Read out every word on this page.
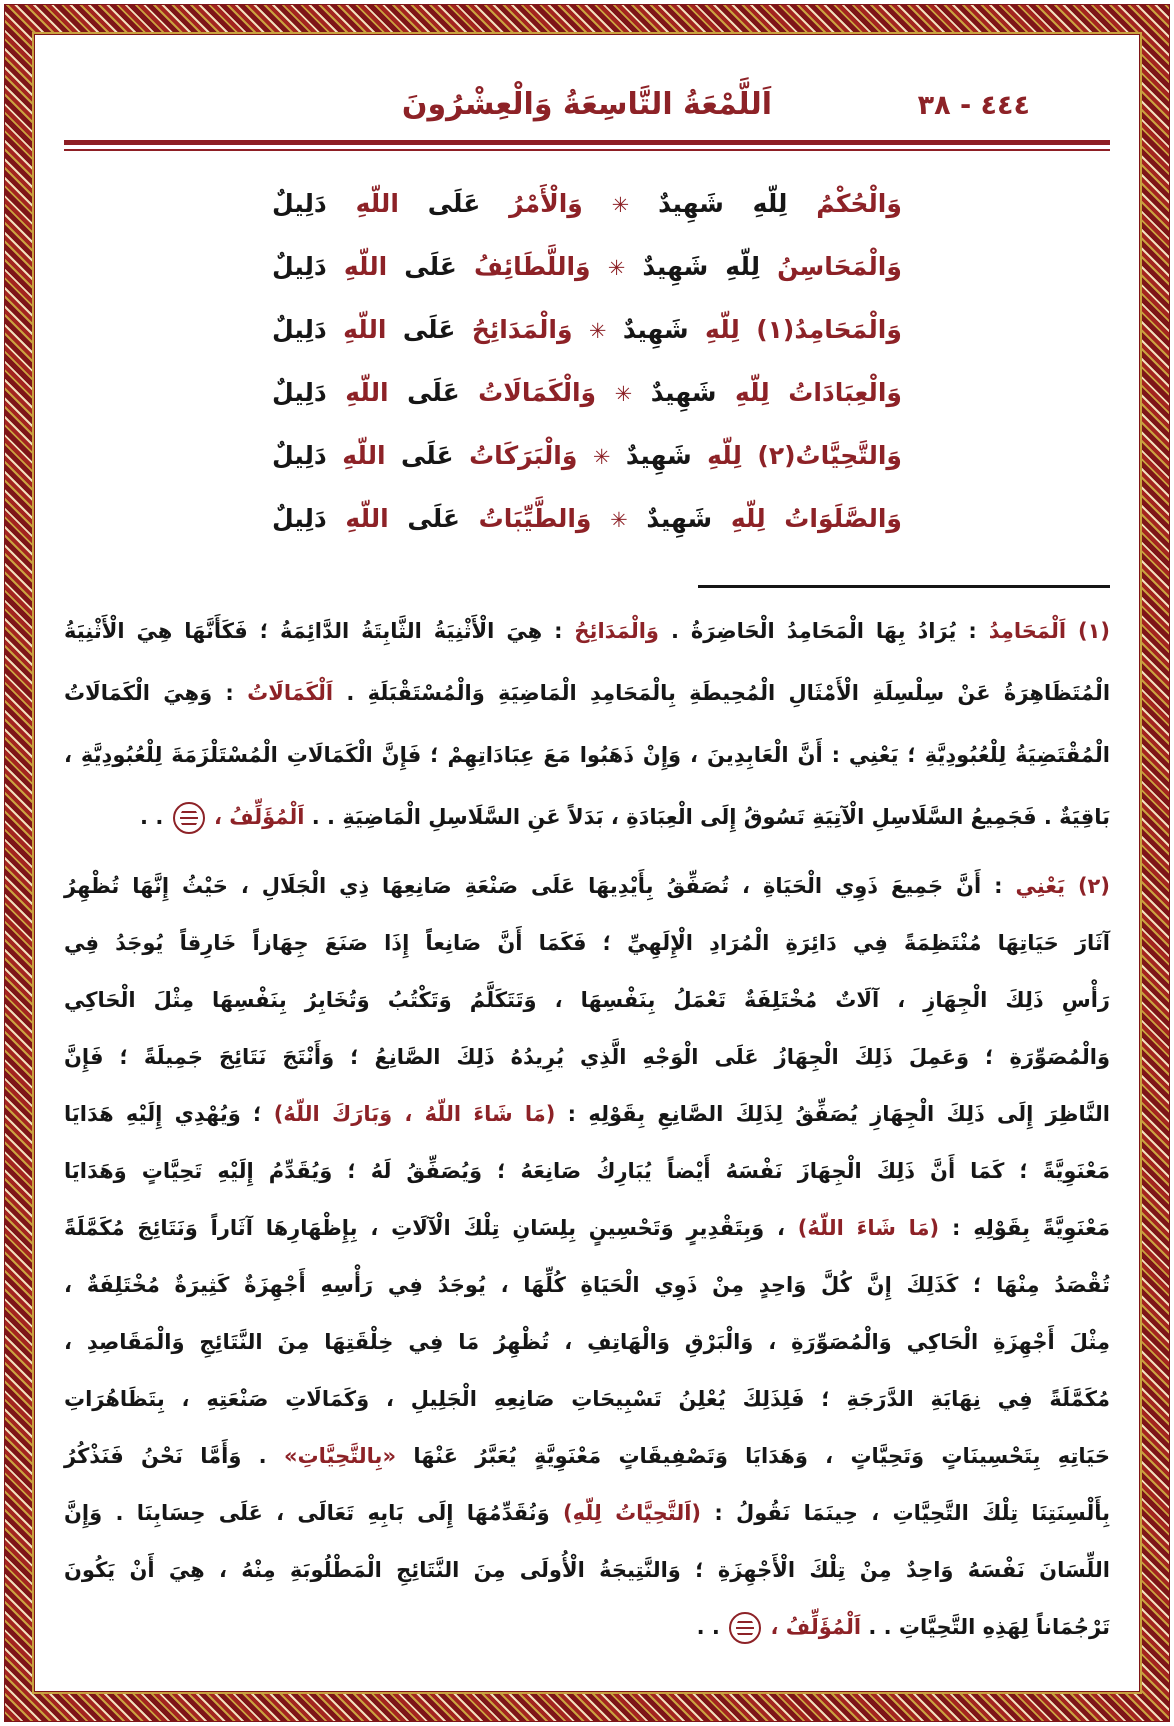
اَللَّمْعَةُ التَّاسِعَةُ وَالْعِشْرُونَ	٣٨ - ٤٤٤
وَالْحُكْمُ لِلّهِ شَهِيدٌ ✳ وَالْأَمْرُ عَلَى اللّهِ دَلِيلٌ
وَالْمَحَاسِنُ لِلّهِ شَهِيدٌ ✳ وَاللَّطَائِفُ عَلَى اللّهِ دَلِيلٌ
وَالْمَحَامِدُ(١) لِلّهِ شَهِيدٌ ✳ وَالْمَدَائِحُ عَلَى اللّهِ دَلِيلٌ
وَالْعِبَادَاتُ لِلّهِ شَهِيدٌ ✳ وَالْكَمَالَاتُ عَلَى اللّهِ دَلِيلٌ
وَالتَّحِيَّاتُ(٢) لِلّهِ شَهِيدٌ ✳ وَالْبَرَكَاتُ عَلَى اللّهِ دَلِيلٌ
وَالصَّلَوَاتُ لِلّهِ شَهِيدٌ ✳ وَالطَّيِّبَاتُ عَلَى اللّهِ دَلِيلٌ
(١) اَلْمَحَامِدُ : يُرَادُ بِهَا الْمَحَامِدُ الْحَاضِرَةُ . وَالْمَدَائِحُ : هِيَ الْأَثْنِيَةُ الثَّابِتَةُ الدَّائِمَةُ ؛ فَكَأَنَّهَا هِيَ الْأَثْنِيَةُ
الْمُتَظَاهِرَةُ عَنْ سِلْسِلَةِ الْأَمْثَالِ الْمُحِيطَةِ بِالْمَحَامِدِ الْمَاضِيَةِ وَالْمُسْتَقْبَلَةِ . اَلْكَمَالَاتُ : وَهِيَ الْكَمَالَاتُ
الْمُقْتَضِيَةُ لِلْعُبُودِيَّةِ ؛ يَعْنِي : أَنَّ الْعَابِدِينَ ، وَإِنْ ذَهَبُوا مَعَ عِبَادَاتِهِمْ ؛ فَإِنَّ الْكَمَالَاتِ الْمُسْتَلْزَمَةَ لِلْعُبُودِيَّةِ ،
بَاقِيَةٌ . فَجَمِيعُ السَّلَاسِلِ الْآتِيَةِ تَسُوقُ إِلَى الْعِبَادَةِ ، بَدَلاً عَنِ السَّلَاسِلِ الْمَاضِيَةِ . . اَلْمُؤَلِّفُ ،  . .
(٢) يَعْنِي : أَنَّ جَمِيعَ ذَوِي الْحَيَاةِ ، تُصَفِّقُ بِأَيْدِيهَا عَلَى صَنْعَةِ صَانِعِهَا ذِي الْجَلَالِ ، حَيْثُ إِنَّهَا تُظْهِرُ
آثَارَ حَيَاتِهَا مُنْتَظِمَةً فِي دَائِرَةِ الْمُرَادِ الْإِلَهِيِّ ؛ فَكَمَا أَنَّ صَانِعاً إِذَا صَنَعَ جِهَازاً خَارِقاً يُوجَدُ فِي
رَأْسِ ذَلِكَ الْجِهَازِ ، آلَاتٌ مُخْتَلِفَةٌ تَعْمَلُ بِنَفْسِهَا ، وَتَتَكَلَّمُ وَتَكْتُبُ وَتُخَابِرُ بِنَفْسِهَا مِثْلَ الْحَاكِي
وَالْمُصَوِّرَةِ ؛ وَعَمِلَ ذَلِكَ الْجِهَازُ عَلَى الْوَجْهِ الَّذِي يُرِيدُهُ ذَلِكَ الصَّانِعُ ؛ وَأَنْتَجَ نَتَائِجَ جَمِيلَةً ؛ فَإِنَّ
النَّاظِرَ إِلَى ذَلِكَ الْجِهَازِ يُصَفِّقُ لِذَلِكَ الصَّانِعِ بِقَوْلِهِ : (مَا شَاءَ اللّهُ ، وَبَارَكَ اللّهُ) ؛ وَيُهْدِي إِلَيْهِ هَدَايَا
مَعْنَوِيَّةً ؛ كَمَا أَنَّ ذَلِكَ الْجِهَازَ نَفْسَهُ أَيْضاً يُبَارِكُ صَانِعَهُ ؛ وَيُصَفِّقُ لَهُ ؛ وَيُقَدِّمُ إِلَيْهِ تَحِيَّاتٍ وَهَدَايَا
مَعْنَوِيَّةً بِقَوْلِهِ : (مَا شَاءَ اللّهُ) ، وَبِتَقْدِيرٍ وَتَحْسِينٍ بِلِسَانِ تِلْكَ الْآلَاتِ ، بِإِظْهَارِهَا آثَاراً وَنَتَائِجَ مُكَمَّلَةً
تُقْصَدُ مِنْهَا ؛ كَذَلِكَ إِنَّ كُلَّ وَاحِدٍ مِنْ ذَوِي الْحَيَاةِ كُلِّهَا ، يُوجَدُ فِي رَأْسِهِ أَجْهِزَةٌ كَثِيرَةٌ مُخْتَلِفَةٌ ،
مِثْلَ أَجْهِزَةِ الْحَاكِي وَالْمُصَوِّرَةِ ، وَالْبَرْقِ وَالْهَاتِفِ ، تُظْهِرُ مَا فِي خِلْقَتِهَا مِنَ النَّتَائِجِ وَالْمَقَاصِدِ ،
مُكَمَّلَةً فِي نِهَايَةِ الدَّرَجَةِ ؛ فَلِذَلِكَ يُعْلِنُ تَسْبِيحَاتِ صَانِعِهِ الْجَلِيلِ ، وَكَمَالَاتِ صَنْعَتِهِ ، بِتَظَاهُرَاتِ
حَيَاتِهِ بِتَحْسِينَاتٍ وَتَحِيَّاتٍ ، وَهَدَايَا وَتَصْفِيقَاتٍ مَعْنَوِيَّةٍ يُعَبَّرُ عَنْهَا «بِالتَّحِيَّاتِ» . وَأَمَّا نَحْنُ فَنَذْكُرُ
بِأَلْسِنَتِنَا تِلْكَ التَّحِيَّاتِ ، حِينَمَا نَقُولُ : (اَلتَّحِيَّاتُ لِلّهِ) وَنُقَدِّمُهَا إِلَى بَابِهِ تَعَالَى ، عَلَى حِسَابِنَا . وَإِنَّ
اللِّسَانَ نَفْسَهُ وَاحِدٌ مِنْ تِلْكَ الْأَجْهِزَةِ ؛ وَالنَّتِيجَةُ الْأُولَى مِنَ النَّتَائِجِ الْمَطْلُوبَةِ مِنْهُ ، هِيَ أَنْ يَكُونَ
تَرْجُمَاناً لِهَذِهِ التَّحِيَّاتِ . . اَلْمُؤَلِّفُ ،  . .
